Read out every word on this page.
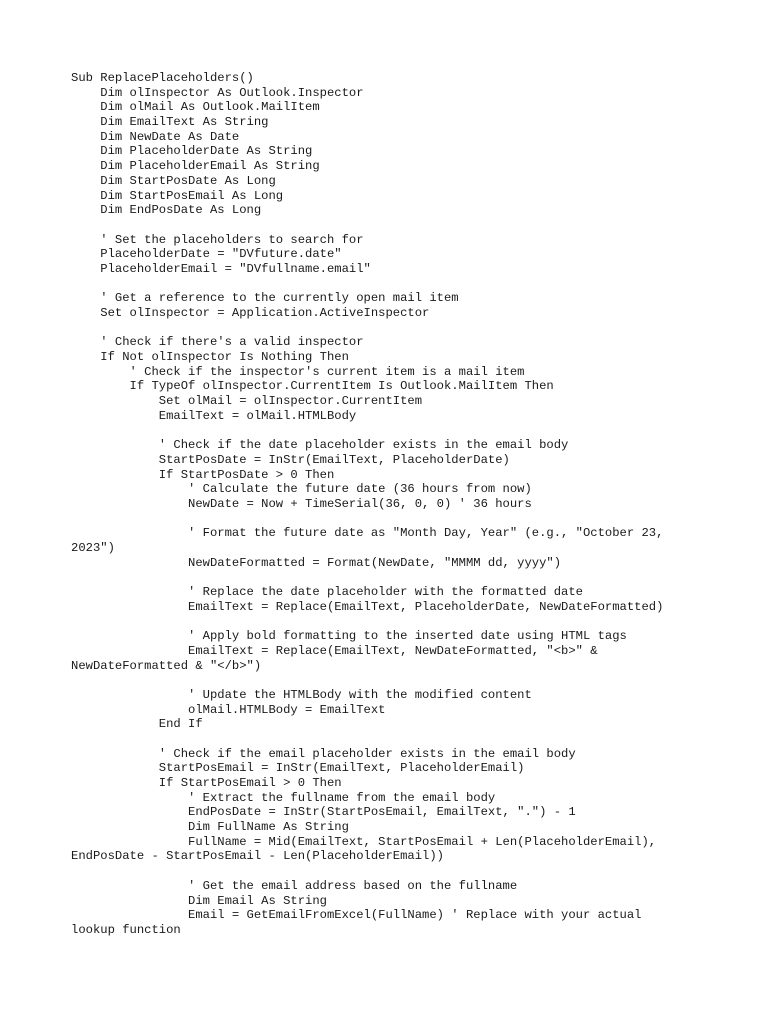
Sub ReplacePlaceholders()
Dim olInspector As Outlook.Inspector
Dim olMail As Outlook.MailItem
Dim EmailText As String
Dim NewDate As Date
Dim PlaceholderDate As String
Dim PlaceholderEmail As String
Dim StartPosDate As Long
Dim StartPosEmail As Long
Dim EndPosDate As Long
' Set the placeholders to search for
PlaceholderDate = "DVfuture.date"
PlaceholderEmail = "DVfullname.email"
' Get a reference to the currently open mail item
Set olInspector = Application.ActiveInspector
' Check if there's a valid inspector
If Not olInspector Is Nothing Then
' Check if the inspector's current item is a mail item
If TypeOf olInspector.CurrentItem Is Outlook.MailItem Then
Set olMail = olInspector.CurrentItem
EmailText = olMail.HTMLBody
' Check if the date placeholder exists in the email body
StartPosDate = InStr(EmailText, PlaceholderDate)
If StartPosDate > 0 Then
' Calculate the future date (36 hours from now)
NewDate = Now + TimeSerial(36, 0, 0) ' 36 hours
' Format the future date as "Month Day, Year" (e.g., "October 23,
2023")
NewDateFormatted = Format(NewDate, "MMMM dd, yyyy")
' Replace the date placeholder with the formatted date
EmailText = Replace(EmailText, PlaceholderDate, NewDateFormatted)
' Apply bold formatting to the inserted date using HTML tags
EmailText = Replace(EmailText, NewDateFormatted, "<b>" &
NewDateFormatted & "</b>")
' Update the HTMLBody with the modified content
olMail.HTMLBody = EmailText
End If
' Check if the email placeholder exists in the email body
StartPosEmail = InStr(EmailText, PlaceholderEmail)
If StartPosEmail > 0 Then
' Extract the fullname from the email body
EndPosDate = InStr(StartPosEmail, EmailText, ".") - 1
Dim FullName As String
FullName = Mid(EmailText, StartPosEmail + Len(PlaceholderEmail),
EndPosDate - StartPosEmail - Len(PlaceholderEmail))
' Get the email address based on the fullname
Dim Email As String
Email = GetEmailFromExcel(FullName) ' Replace with your actual
lookup function
